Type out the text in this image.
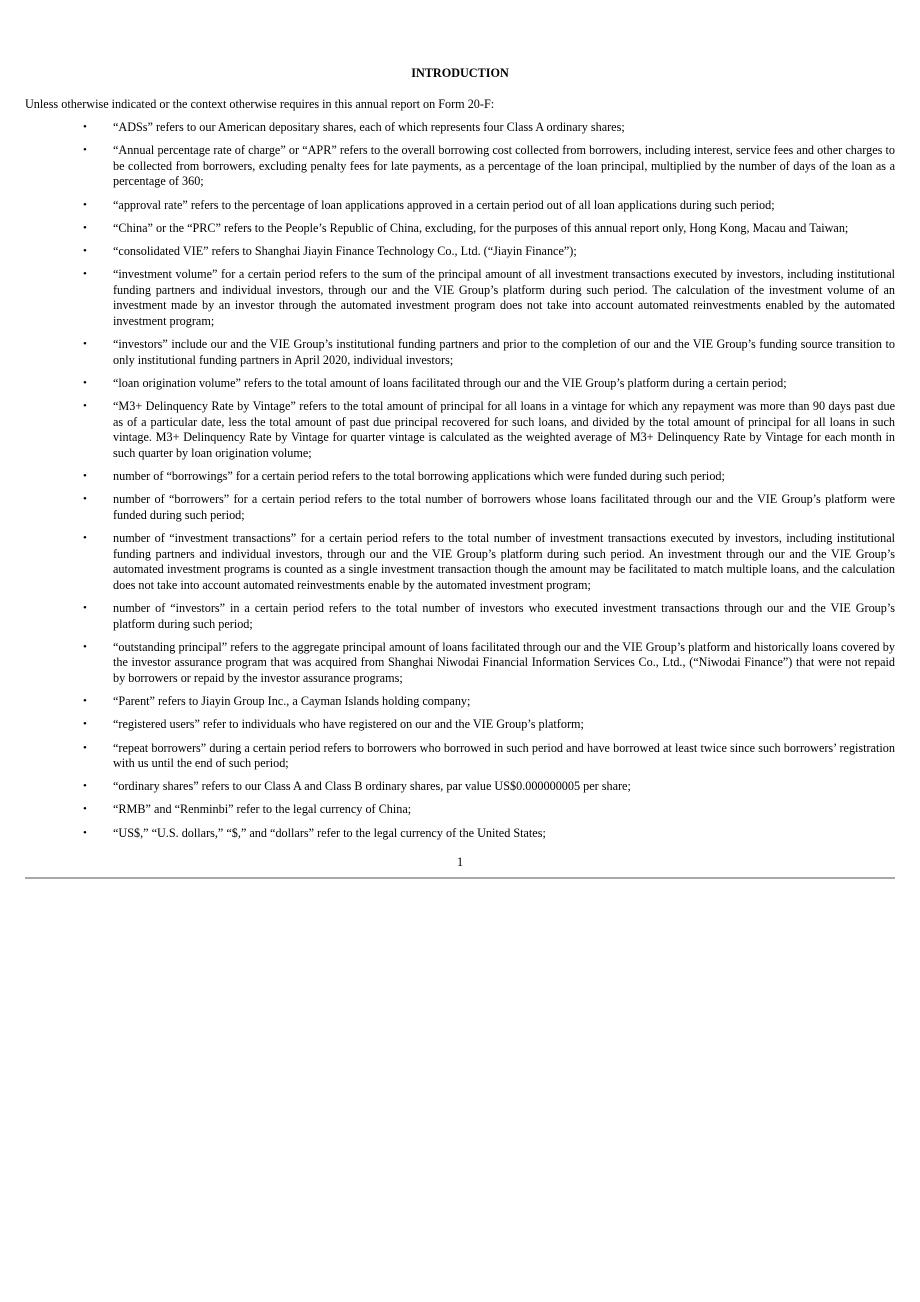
INTRODUCTION

Unless otherwise indicated or the context otherwise requires in this annual report on Form 20-F:

• “ADSs” refers to our American depositary shares, each of which represents four Class A ordinary shares;
• “Annual percentage rate of charge” or “APR” refers to the overall borrowing cost collected from borrowers, including interest, service fees and other charges to be collected from borrowers, excluding penalty fees for late payments, as a percentage of the loan principal, multiplied by the number of days of the loan as a percentage of 360;
• “approval rate” refers to the percentage of loan applications approved in a certain period out of all loan applications during such period;
• “China” or the “PRC” refers to the People’s Republic of China, excluding, for the purposes of this annual report only, Hong Kong, Macau and Taiwan;
• “consolidated VIE” refers to Shanghai Jiayin Finance Technology Co., Ltd. (“Jiayin Finance”);
• “investment volume” for a certain period refers to the sum of the principal amount of all investment transactions executed by investors, including institutional funding partners and individual investors, through our and the VIE Group’s platform during such period. The calculation of the investment volume of an investment made by an investor through the automated investment program does not take into account automated reinvestments enabled by the automated investment program;
• “investors” include our and the VIE Group’s institutional funding partners and prior to the completion of our and the VIE Group’s funding source transition to only institutional funding partners in April 2020, individual investors;
• “loan origination volume” refers to the total amount of loans facilitated through our and the VIE Group’s platform during a certain period;
• “M3+ Delinquency Rate by Vintage” refers to the total amount of principal for all loans in a vintage for which any repayment was more than 90 days past due as of a particular date, less the total amount of past due principal recovered for such loans, and divided by the total amount of principal for all loans in such vintage. M3+ Delinquency Rate by Vintage for quarter vintage is calculated as the weighted average of M3+ Delinquency Rate by Vintage for each month in such quarter by loan origination volume;
• number of “borrowings” for a certain period refers to the total borrowing applications which were funded during such period;
• number of “borrowers” for a certain period refers to the total number of borrowers whose loans facilitated through our and the VIE Group’s platform were funded during such period;
• number of “investment transactions” for a certain period refers to the total number of investment transactions executed by investors, including institutional funding partners and individual investors, through our and the VIE Group’s platform during such period. An investment through our and the VIE Group’s automated investment programs is counted as a single investment transaction though the amount may be facilitated to match multiple loans, and the calculation does not take into account automated reinvestments enable by the automated investment program;
• number of “investors” in a certain period refers to the total number of investors who executed investment transactions through our and the VIE Group’s platform during such period;
• “outstanding principal” refers to the aggregate principal amount of loans facilitated through our and the VIE Group’s platform and historically loans covered by the investor assurance program that was acquired from Shanghai Niwodai Financial Information Services Co., Ltd., (“Niwodai Finance”) that were not repaid by borrowers or repaid by the investor assurance programs;
• “Parent” refers to Jiayin Group Inc., a Cayman Islands holding company;
• “registered users” refer to individuals who have registered on our and the VIE Group’s platform;
• “repeat borrowers” during a certain period refers to borrowers who borrowed in such period and have borrowed at least twice since such borrowers’ registration with us until the end of such period;
• “ordinary shares” refers to our Class A and Class B ordinary shares, par value US$0.000000005 per share;
• “RMB” and “Renminbi” refer to the legal currency of China;
• “US$,” “U.S. dollars,” “$,” and “dollars” refer to the legal currency of the United States;

1
